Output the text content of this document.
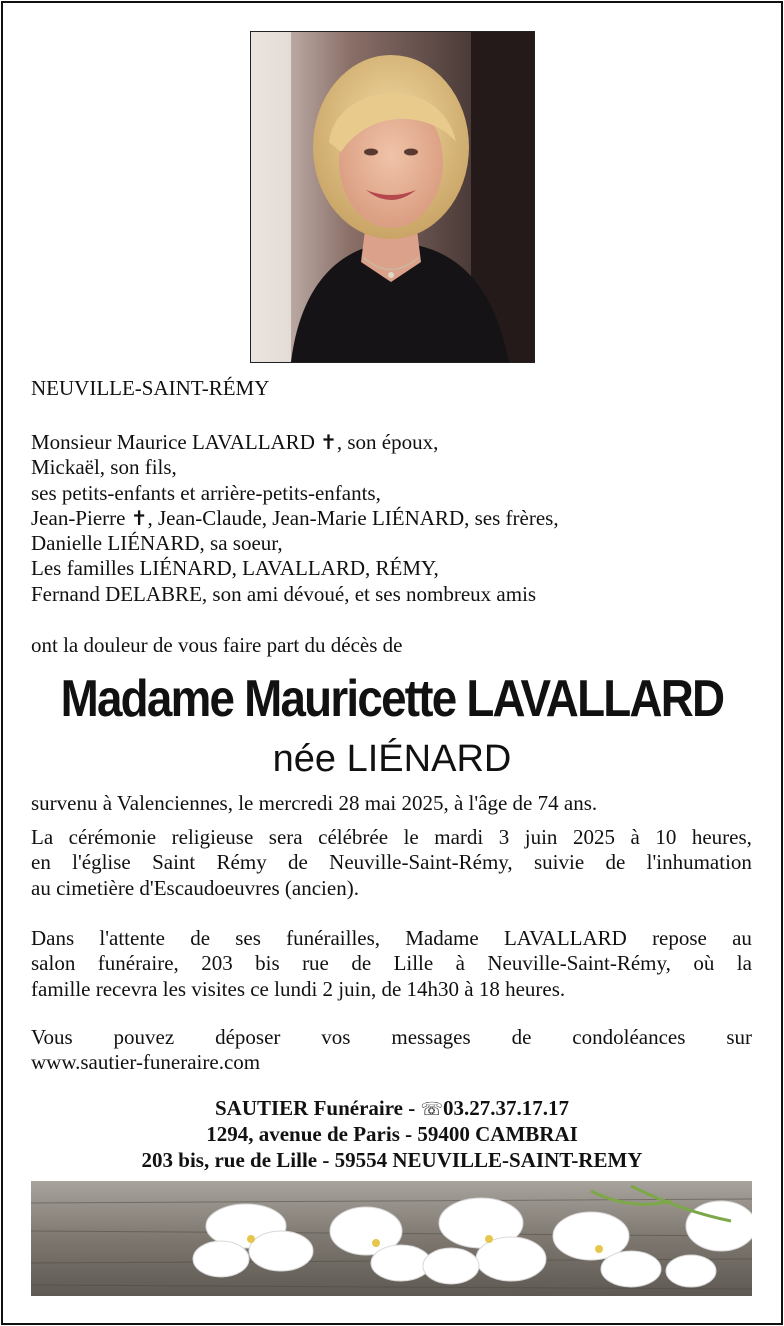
NEUVILLE-SAINT-RÉMY
Monsieur Maurice LAVALLARD ✝, son époux,
Mickaël, son fils,
ses petits-enfants et arrière-petits-enfants,
Jean-Pierre ✝, Jean-Claude, Jean-Marie LIÉNARD, ses frères,
Danielle LIÉNARD, sa soeur,
Les familles LIÉNARD, LAVALLARD, RÉMY,
Fernand DELABRE, son ami dévoué, et ses nombreux amis
ont la douleur de vous faire part du décès de
Madame Mauricette LAVALLARD
née LIÉNARD
survenu à Valenciennes, le mercredi 28 mai 2025, à l'âge de 74 ans.
La cérémonie religieuse sera célébrée le mardi 3 juin 2025 à 10 heures,
en l'église Saint Rémy de Neuville-Saint-Rémy, suivie de l'inhumation
au cimetière d'Escaudoeuvres (ancien).
Dans l'attente de ses funérailles, Madame LAVALLARD repose au
salon funéraire, 203 bis rue de Lille à Neuville-Saint-Rémy, où la
famille recevra les visites ce lundi 2 juin, de 14h30 à 18 heures.
Vous pouvez déposer vos messages de condoléances sur
www.sautier-funeraire.com
SAUTIER Funéraire - ☏03.27.37.17.17
1294, avenue de Paris - 59400 CAMBRAI
203 bis, rue de Lille - 59554 NEUVILLE-SAINT-REMY
